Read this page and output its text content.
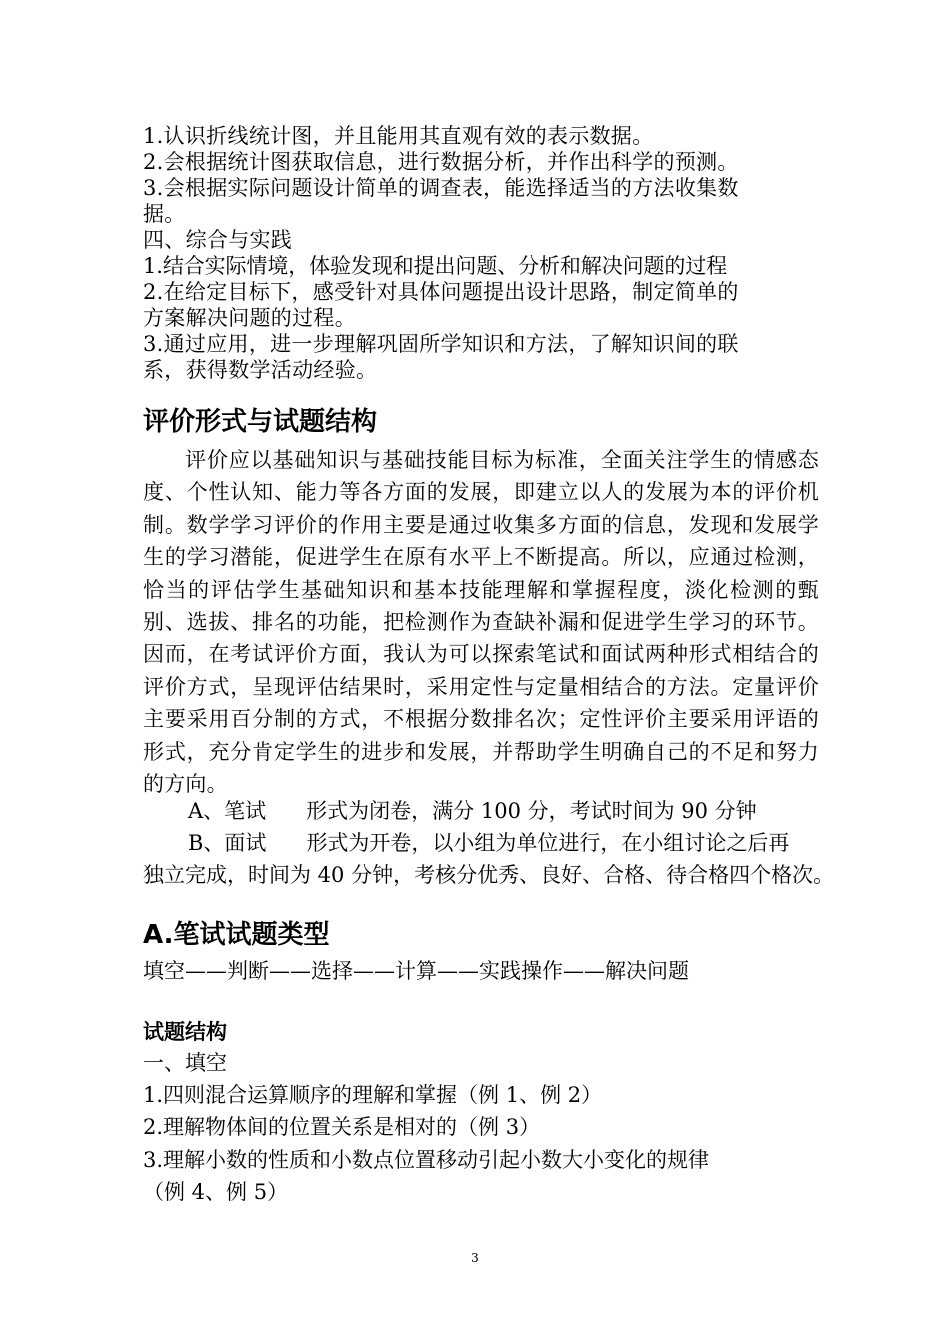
1.认识折线统计图，并且能用其直观有效的表示数据。
2.会根据统计图获取信息，进行数据分析，并作出科学的预测。
3.会根据实际问题设计简单的调查表，能选择适当的方法收集数
据。
四、综合与实践
1.结合实际情境，体验发现和提出问题、分析和解决问题的过程
2.在给定目标下，感受针对具体问题提出设计思路，制定简单的
方案解决问题的过程。
3.通过应用，进一步理解巩固所学知识和方法，了解知识间的联
系，获得数学活动经验。
评价形式与试题结构
评价应以基础知识与基础技能目标为标准，全面关注学生的情感态度、个性认知、能力等各方面的发展，即建立以人的发展为本的评价机制。数学学习评价的作用主要是通过收集多方面的信息，发现和发展学生的学习潜能，促进学生在原有水平上不断提高。所以，应通过检测，恰当的评估学生基础知识和基本技能理解和掌握程度，淡化检测的甄别、选拔、排名的功能，把检测作为查缺补漏和促进学生学习的环节。因而，在考试评价方面，我认为可以探索笔试和面试两种形式相结合的评价方式，呈现评估结果时，采用定性与定量相结合的方法。定量评价主要采用百分制的方式，不根据分数排名次；定性评价主要采用评语的形式，充分肯定学生的进步和发展，并帮助学生明确自己的不足和努力的方向。
A、笔试 形式为闭卷，满分 100 分，考试时间为 90 分钟
B、面试 形式为开卷，以小组为单位进行，在小组讨论之后再
独立完成，时间为 40 分钟，考核分优秀、良好、合格、待合格四个格次。
A.笔试试题类型
填空——判断——选择——计算——实践操作——解决问题
试题结构
一、填空
1.四则混合运算顺序的理解和掌握（例 1、例 2）
2.理解物体间的位置关系是相对的（例 3）
3.理解小数的性质和小数点位置移动引起小数大小变化的规律
（例 4、例 5）
3
